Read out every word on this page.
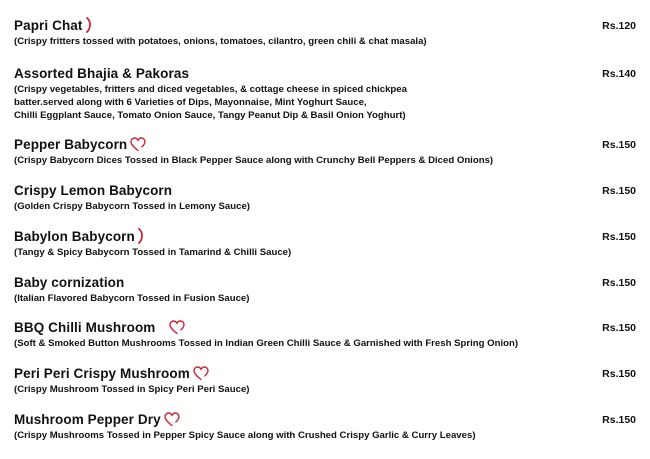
Papri Chat	Rs.120
(Crispy fritters tossed with potatoes, onions, tomatoes, cilantro, green chili & chat masala)
Assorted Bhajia & Pakoras	Rs.140
(Crispy vegetables, fritters and diced vegetables, & cottage cheese in spiced chickpea
batter.served along with 6 Varieties of Dips, Mayonnaise, Mint Yoghurt Sauce,
Chilli Eggplant Sauce, Tomato Onion Sauce, Tangy Peanut Dip & Basil Onion Yoghurt)
Pepper Babycorn	Rs.150
(Crispy Babycorn Dices Tossed in Black Pepper Sauce along with Crunchy Bell Peppers & Diced Onions)
Crispy Lemon Babycorn	Rs.150
(Golden Crispy Babycorn Tossed in Lemony Sauce)
Babylon Babycorn	Rs.150
(Tangy & Spicy Babycorn Tossed in Tamarind & Chilli Sauce)
Baby cornization	Rs.150
(Italian Flavored Babycorn Tossed in Fusion Sauce)
BBQ Chilli Mushroom	Rs.150
(Soft & Smoked Button Mushrooms Tossed in Indian Green Chilli Sauce & Garnished with Fresh Spring Onion)
Peri Peri Crispy Mushroom	Rs.150
(Crispy Mushroom Tossed in Spicy Peri Peri Sauce)
Mushroom Pepper Dry	Rs.150
(Crispy Mushrooms Tossed in Pepper Spicy Sauce along with Crushed Crispy Garlic & Curry Leaves)
